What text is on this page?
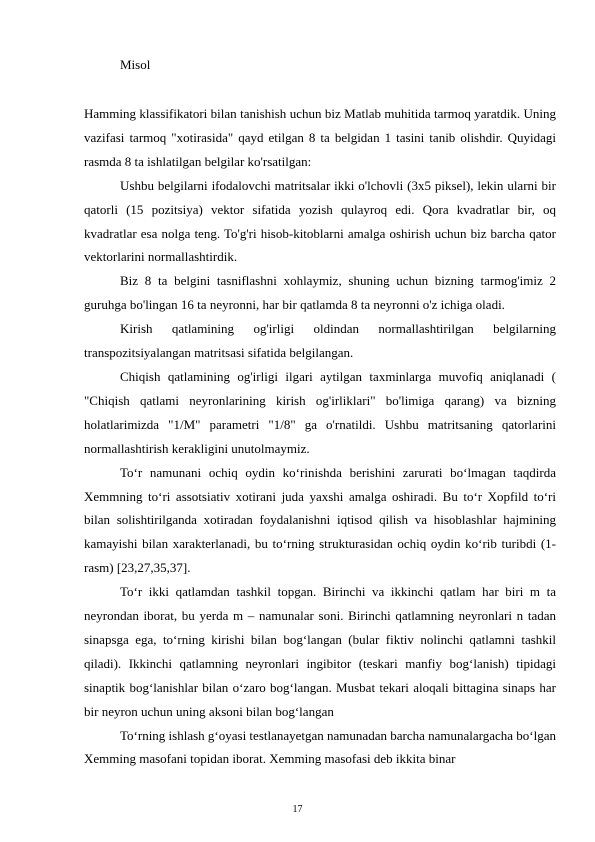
Misol

Hamming klassifikatori bilan tanishish uchun biz Matlab muhitida tarmoq yaratdik. Uning vazifasi tarmoq "xotirasida" qayd etilgan 8 ta belgidan 1 tasini tanib olishdir. Quyidagi rasmda 8 ta ishlatilgan belgilar ko'rsatilgan:

Ushbu belgilarni ifodalovchi matritsalar ikki o'lchovli (3x5 piksel), lekin ularni bir qatorli (15 pozitsiya) vektor sifatida yozish qulayroq edi. Qora kvadratlar bir, oq kvadratlar esa nolga teng. To'g'ri hisob-kitoblarni amalga oshirish uchun biz barcha qator vektorlarini normallashtirdik.

Biz 8 ta belgini tasniflashni xohlaymiz, shuning uchun bizning tarmog'imiz 2 guruhga bo'lingan 16 ta neyronni, har bir qatlamda 8 ta neyronni o'z ichiga oladi.

Kirish qatlamining og'irligi oldindan normallashtirilgan belgilarning transpozitsiyalangan matritsasi sifatida belgilangan.

Chiqish qatlamining og'irligi ilgari aytilgan taxminlarga muvofiq aniqlanadi ( "Chiqish qatlami neyronlarining kirish og'irliklari" bo'limiga qarang) va bizning holatlarimizda "1/M" parametri "1/8" ga o'rnatildi. Ushbu matritsaning qatorlarini normallashtirish kerakligini unutolmaymiz.

To‘r namunani ochiq oydin ko‘rinishda berishini zarurati bo‘lmagan taqdirda Xemmning to‘ri assotsiativ xotirani juda yaxshi amalga oshiradi. Bu to‘r Xopfild to‘ri bilan solishtirilganda xotiradan foydalanishni iqtisod qilish va hisoblashlar hajmining kamayishi bilan xarakterlanadi, bu to‘rning strukturasidan ochiq oydin ko‘rib turibdi (1-rasm) [23,27,35,37].

To‘r ikki qatlamdan tashkil topgan. Birinchi va ikkinchi qatlam har biri m ta neyrondan iborat, bu yerda m – namunalar soni. Birinchi qatlamning neyronlari n tadan sinapsga ega, to‘rning kirishi bilan bog‘langan (bular fiktiv nolinchi qatlamni tashkil qiladi). Ikkinchi qatlamning neyronlari ingibitor (teskari manfiy bog‘lanish) tipidagi sinaptik bog‘lanishlar bilan o‘zaro bog‘langan. Musbat tekari aloqali bittagina sinaps har bir neyron uchun uning aksoni bilan bog‘langan

To‘rning ishlash g‘oyasi testlanayetgan namunadan barcha namunalargacha bo‘lgan Xemming masofani topidan iborat. Xemming masofasi deb ikkita binar

17
